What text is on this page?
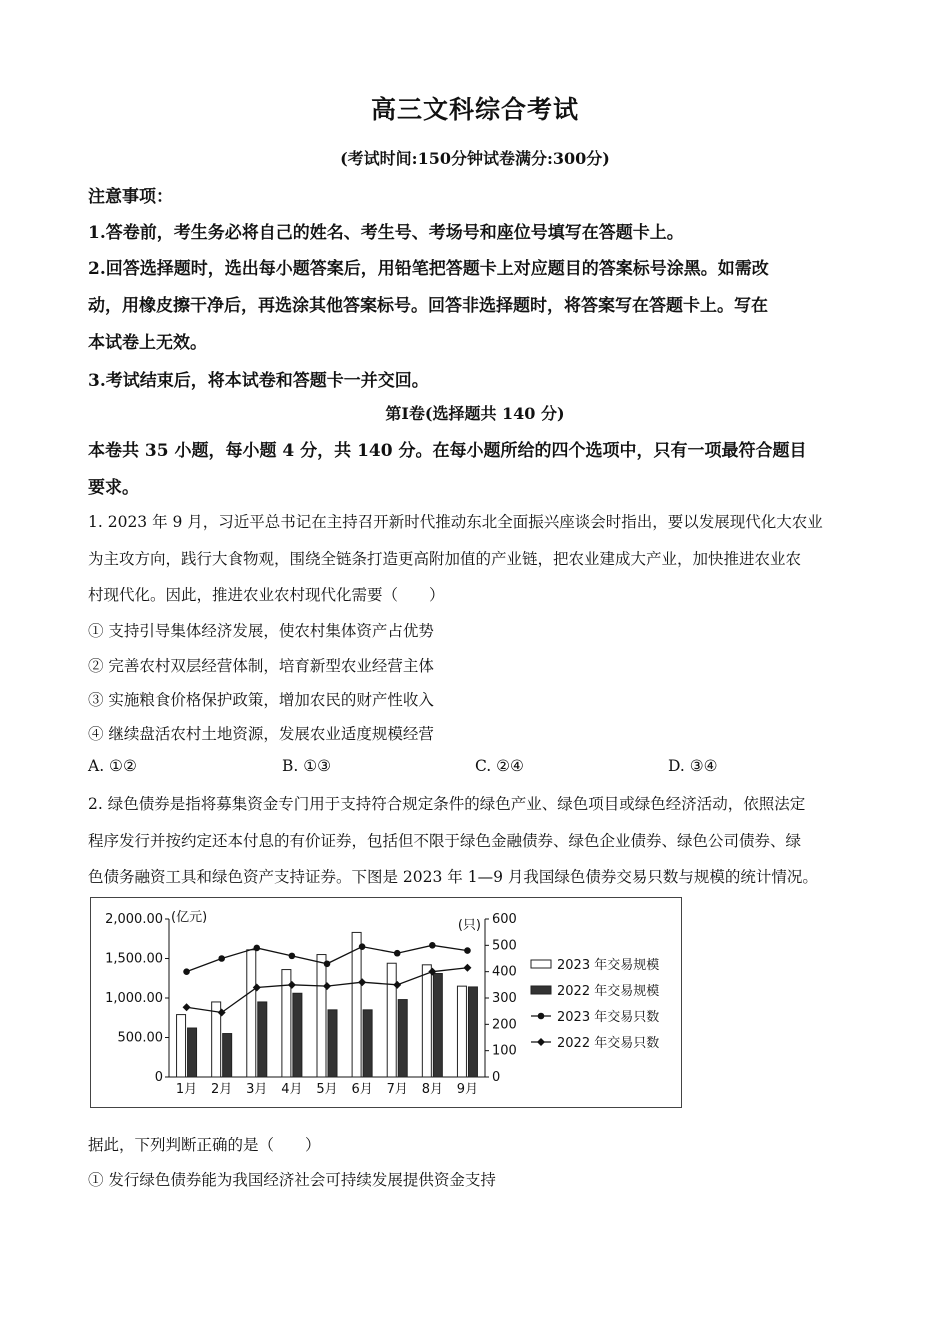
高三文科综合考试
(考试时间:150分钟试卷满分:300分)
注意事项：
1.答卷前，考生务必将自己的姓名、考生号、考场号和座位号填写在答题卡上。
2.回答选择题时，选出每小题答案后，用铅笔把答题卡上对应题目的答案标号涂黑。如需改
动，用橡皮擦干净后，再选涂其他答案标号。回答非选择题时，将答案写在答题卡上。写在
本试卷上无效。
3.考试结束后，将本试卷和答题卡一并交回。
第Ⅰ卷(选择题共 140 分)
本卷共 35 小题，每小题 4 分，共 140 分。在每小题所给的四个选项中，只有一项最符合题目
要求。
1. 2023 年 9 月，习近平总书记在主持召开新时代推动东北全面振兴座谈会时指出，要以发展现代化大农业
为主攻方向，践行大食物观，围绕全链条打造更高附加值的产业链，把农业建成大产业，加快推进农业农
村现代化。因此，推进农业农村现代化需要（　　）
① 支持引导集体经济发展，使农村集体资产占优势
② 完善农村双层经营体制，培育新型农业经营主体
③ 实施粮食价格保护政策，增加农民的财产性收入
④ 继续盘活农村土地资源，发展农业适度规模经营
A. ①②	B. ①③	C. ②④	D. ③④
2. 绿色债券是指将募集资金专门用于支持符合规定条件的绿色产业、绿色项目或绿色经济活动，依照法定
程序发行并按约定还本付息的有价证券，包括但不限于绿色金融债券、绿色企业债券、绿色公司债券、绿
色债务融资工具和绿色资产支持证券。下图是 2023 年 1—9 月我国绿色债券交易只数与规模的统计情况。
0
500.00
1,000.00
1,500.00
2,000.00
0
100
200
300
400
500
600
(亿元)
(只)
1月 2月 3月 4月 5月 6月 7月 8月 9月
2023 年交易规模
2022 年交易规模
2023 年交易只数
2022 年交易只数
据此，下列判断正确的是（　　）
① 发行绿色债券能为我国经济社会可持续发展提供资金支持
